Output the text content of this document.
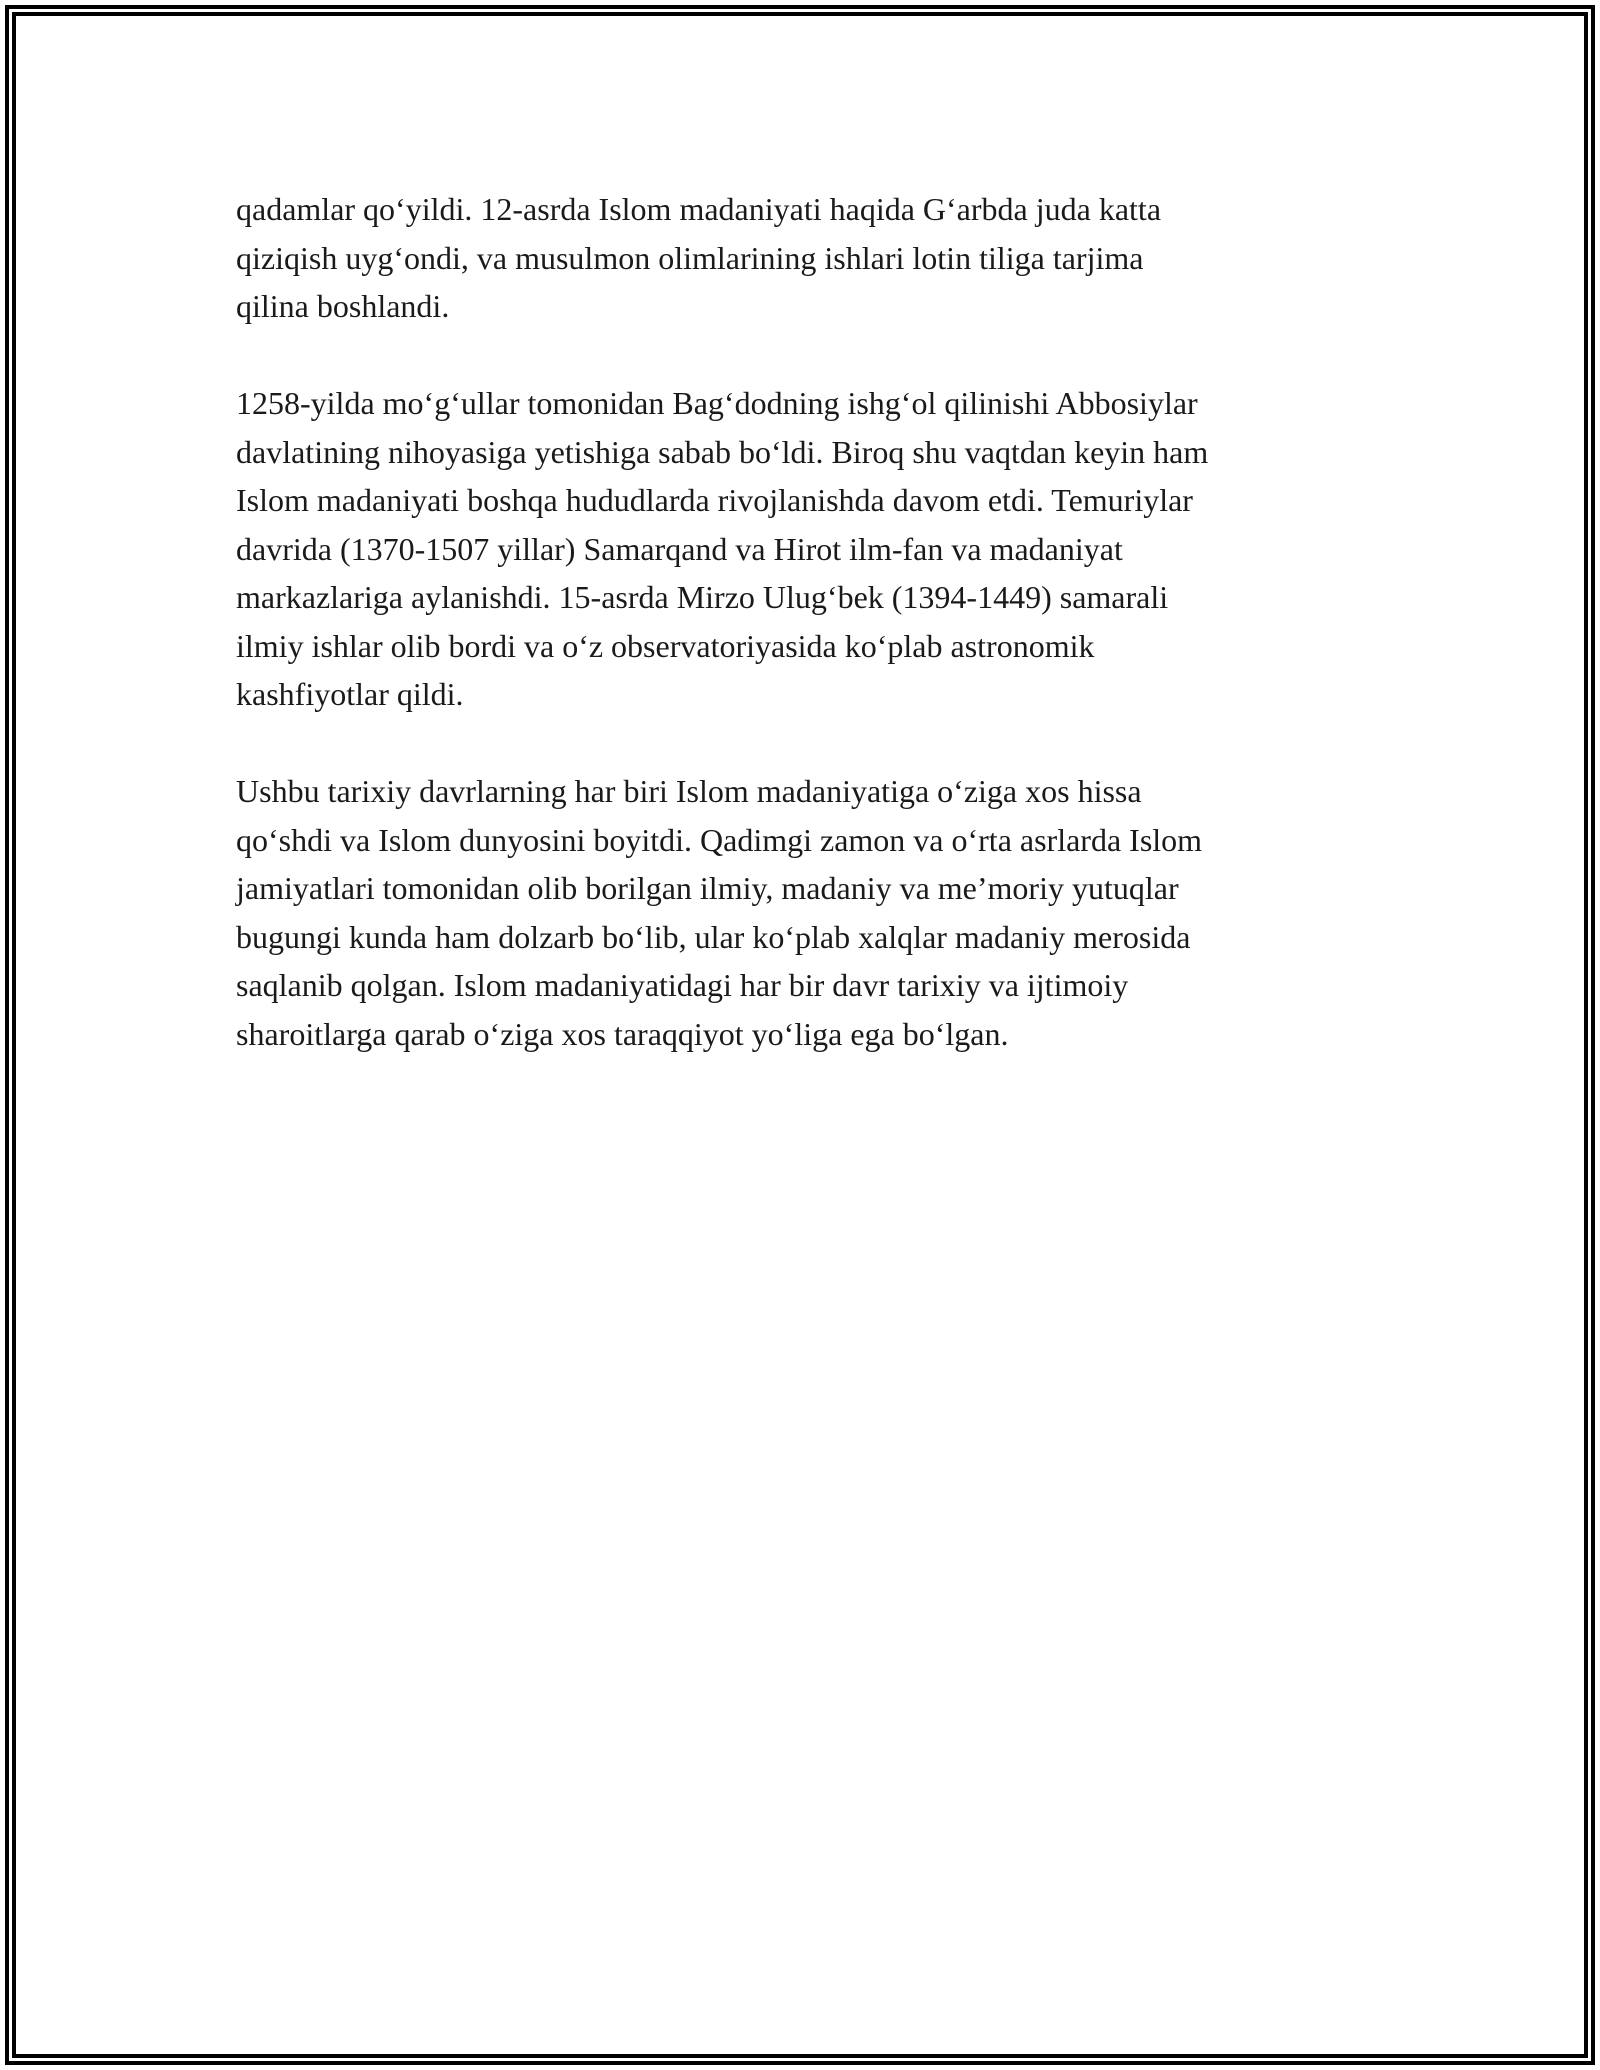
qadamlar qo‘yildi. 12-asrda Islom madaniyati haqida G‘arbda juda katta
qiziqish uyg‘ondi, va musulmon olimlarining ishlari lotin tiliga tarjima
qilina boshlandi.

1258-yilda mo‘g‘ullar tomonidan Bag‘dodning ishg‘ol qilinishi Abbosiylar
davlatining nihoyasiga yetishiga sabab bo‘ldi. Biroq shu vaqtdan keyin ham
Islom madaniyati boshqa hududlarda rivojlanishda davom etdi. Temuriylar
davrida (1370-1507 yillar) Samarqand va Hirot ilm-fan va madaniyat
markazlariga aylanishdi. 15-asrda Mirzo Ulug‘bek (1394-1449) samarali
ilmiy ishlar olib bordi va o‘z observatoriyasida ko‘plab astronomik
kashfiyotlar qildi.

Ushbu tarixiy davrlarning har biri Islom madaniyatiga o‘ziga xos hissa
qo‘shdi va Islom dunyosini boyitdi. Qadimgi zamon va o‘rta asrlarda Islom
jamiyatlari tomonidan olib borilgan ilmiy, madaniy va me’moriy yutuqlar
bugungi kunda ham dolzarb bo‘lib, ular ko‘plab xalqlar madaniy merosida
saqlanib qolgan. Islom madaniyatidagi har bir davr tarixiy va ijtimoiy
sharoitlarga qarab o‘ziga xos taraqqiyot yo‘liga ega bo‘lgan.
